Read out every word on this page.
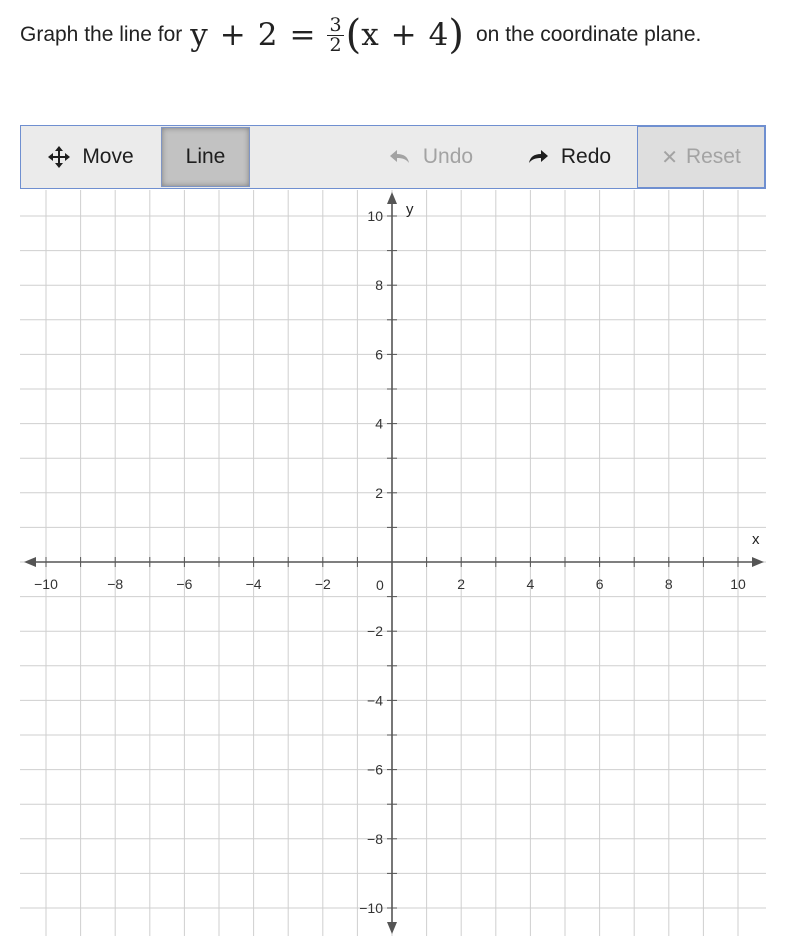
Graph the line for $y + 2 = \frac{3}{2}$ ( x + 4 ) on the coordinate plane.
Move Line	Undo	Redo	✕ Reset
−10	−8	−6	−4	−2	2	4	6	8	10
10
8
6
4
2
−2
−4
−6
−8
−10
x
y
0
